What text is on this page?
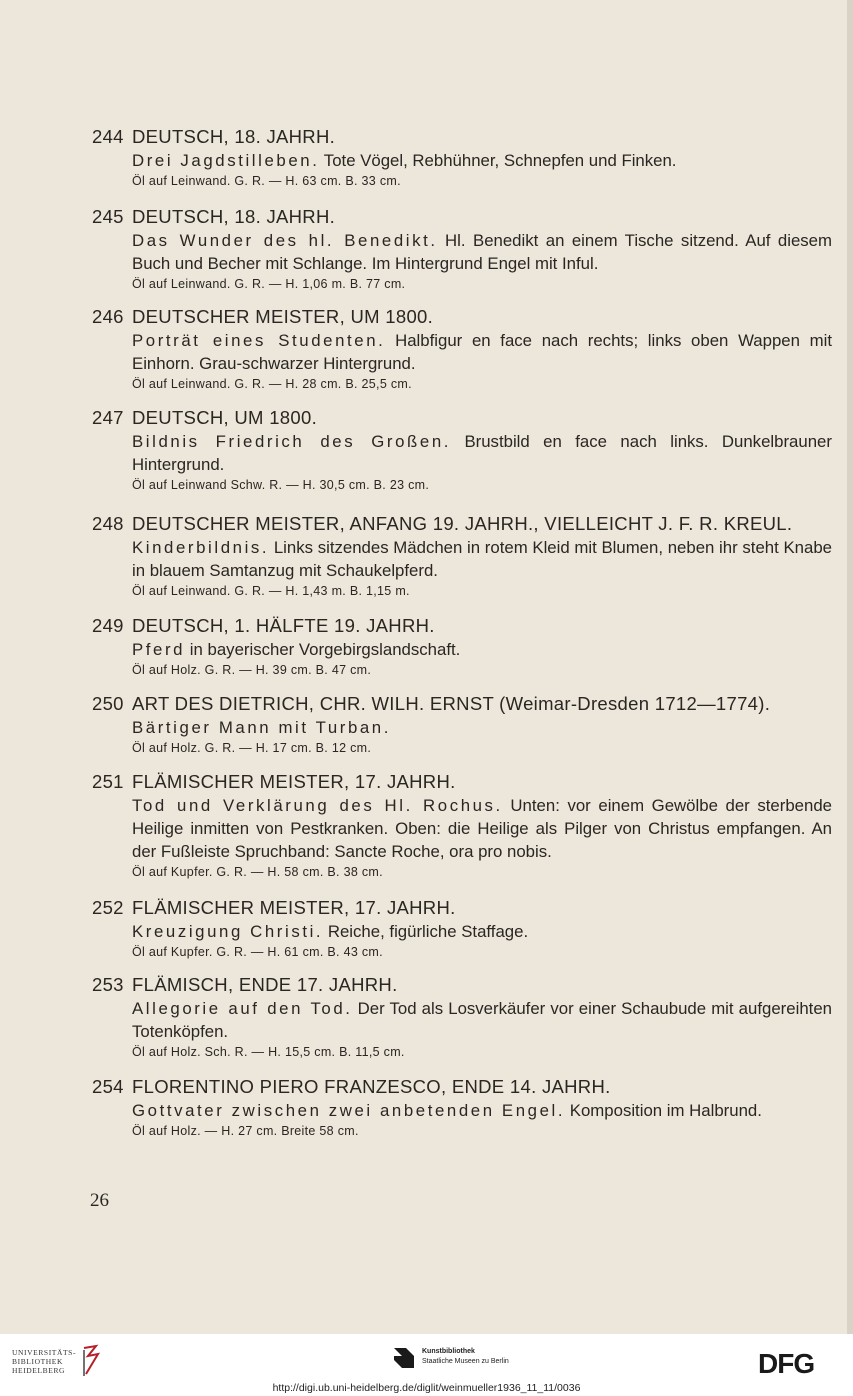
244 DEUTSCH, 18. JAHRH.
Drei Jagdstilleben. Tote Vögel, Rebhühner, Schnepfen und Finken.
Öl auf Leinwand. G. R. — H. 63 cm. B. 33 cm.
245 DEUTSCH, 18. JAHRH.
Das Wunder des hl. Benedikt. Hl. Benedikt an einem Tische sitzend. Auf diesem Buch und Becher mit Schlange. Im Hintergrund Engel mit Inful.
Öl auf Leinwand. G. R. — H. 1,06 m. B. 77 cm.
246 DEUTSCHER MEISTER, UM 1800.
Porträt eines Studenten. Halbfigur en face nach rechts; links oben Wappen mit Einhorn. Grau-schwarzer Hintergrund.
Öl auf Leinwand. G. R. — H. 28 cm. B. 25,5 cm.
247 DEUTSCH, UM 1800.
Bildnis Friedrich des Großen. Brustbild en face nach links. Dunkelbrauner Hintergrund.
Öl auf Leinwand Schw. R. — H. 30,5 cm. B. 23 cm.
248 DEUTSCHER MEISTER, ANFANG 19. JAHRH., VIELLEICHT J. F. R. KREUL.
Kinderbildnis. Links sitzendes Mädchen in rotem Kleid mit Blumen, neben ihr steht Knabe in blauem Samtanzug mit Schaukelpferd.
Öl auf Leinwand. G. R. — H. 1,43 m. B. 1,15 m.
249 DEUTSCH, 1. HÄLFTE 19. JAHRH.
Pferd in bayerischer Vorgebirgslandschaft.
Öl auf Holz. G. R. — H. 39 cm. B. 47 cm.
250 ART DES DIETRICH, CHR. WILH. ERNST (Weimar-Dresden 1712—1774).
Bärtiger Mann mit Turban.
Öl auf Holz. G. R. — H. 17 cm. B. 12 cm.
251 FLÄMISCHER MEISTER, 17. JAHRH.
Tod und Verklärung des Hl. Rochus. Unten: vor einem Gewölbe der sterbende Heilige inmitten von Pestkranken. Oben: die Heilige als Pilger von Christus empfangen. An der Fußleiste Spruchband: Sancte Roche, ora pro nobis.
Öl auf Kupfer. G. R. — H. 58 cm. B. 38 cm.
252 FLÄMISCHER MEISTER, 17. JAHRH.
Kreuzigung Christi. Reiche, figürliche Staffage.
Öl auf Kupfer. G. R. — H. 61 cm. B. 43 cm.
253 FLÄMISCH, ENDE 17. JAHRH.
Allegorie auf den Tod. Der Tod als Losverkäufer vor einer Schaubude mit aufgereihten Totenköpfen.
Öl auf Holz. Sch. R. — H. 15,5 cm. B. 11,5 cm.
254 FLORENTINO PIERO FRANZESCO, ENDE 14. JAHRH.
Gottvater zwischen zwei anbetenden Engel. Komposition im Halbrund.
Öl auf Holz. — H. 27 cm. Breite 58 cm.
26
UNIVERSITÄTS-
BIBLIOTHEK
HEIDELBERG
Kunstbibliothek
Staatliche Museen zu Berlin	DFG
http://digi.ub.uni-heidelberg.de/diglit/weinmueller1936_11_11/0036
